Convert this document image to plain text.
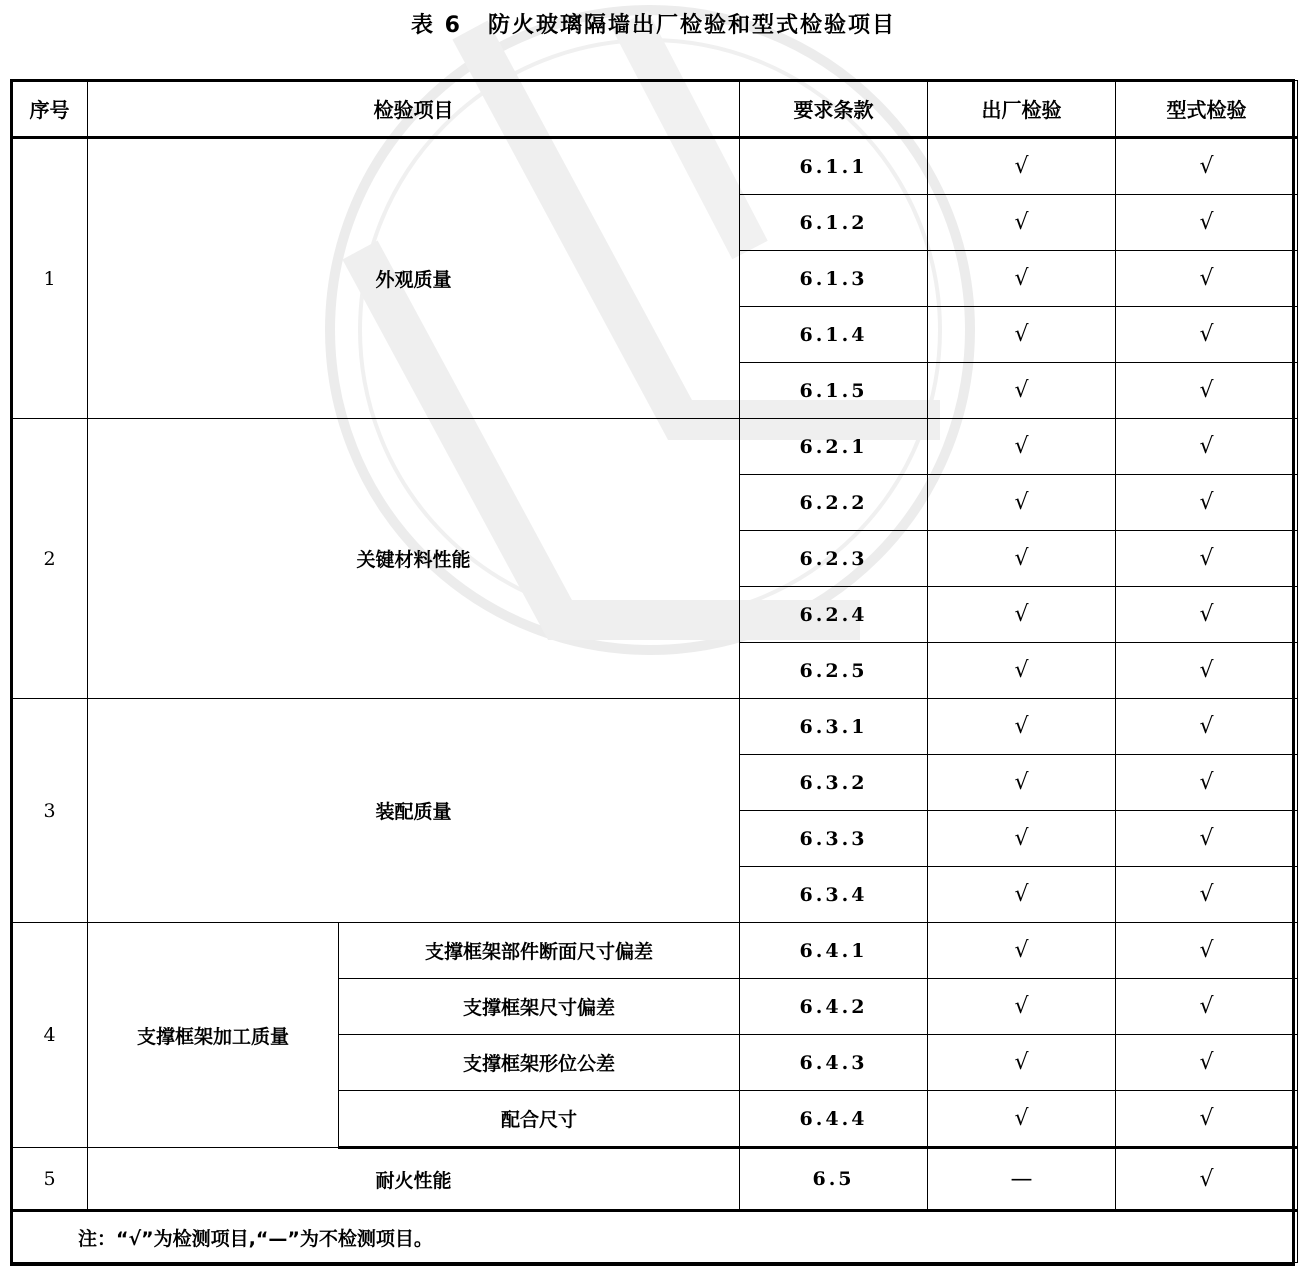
表 6 防火玻璃隔墙出厂检验和型式检验项目
序号	检验项目		要求条款	出厂检验	型式检验
1	外观质量		6.1.1	√	√
			6.1.2	√	√
			6.1.3	√	√
			6.1.4	√	√
			6.1.5	√	√
2	关键材料性能		6.2.1	√	√
			6.2.2	√	√
			6.2.3	√	√
			6.2.4	√	√
			6.2.5	√	√
3	装配质量		6.3.1	√	√
			6.3.2	√	√
			6.3.3	√	√
			6.3.4	√	√
4	支撑框架加工质量	支撑框架部件断面尺寸偏差	6.4.1	√	√
		支撑框架尺寸偏差	6.4.2	√	√
		支撑框架形位公差	6.4.3	√	√
		配合尺寸	6.4.4	√	√
5	耐火性能		6.5	—	√
注：“√”为检测项目,“—”为不检测项目。					
